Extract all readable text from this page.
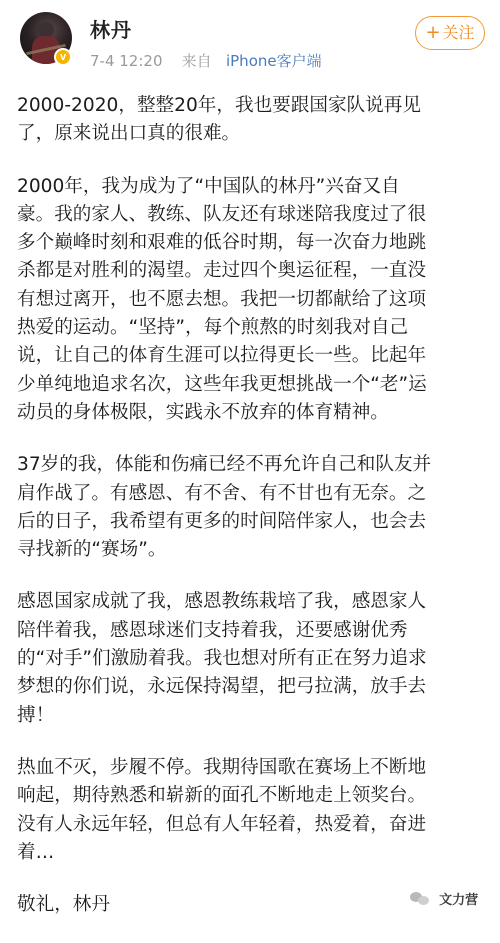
v
林丹
7-4 12:20 来自 iPhone客户端
+ 关注

2000-2020，整整20年，我也要跟国家队说再见
了，原来说出口真的很难。

2000年，我为成为了“中国队的林丹”兴奋又自
豪。我的家人、教练、队友还有球迷陪我度过了很
多个巅峰时刻和艰难的低谷时期，每一次奋力地跳
杀都是对胜利的渴望。走过四个奥运征程，一直没
有想过离开，也不愿去想。我把一切都献给了这项
热爱的运动。“坚持”，每个煎熬的时刻我对自己
说，让自己的体育生涯可以拉得更长一些。比起年
少单纯地追求名次，这些年我更想挑战一个“老”运
动员的身体极限，实践永不放弃的体育精神。

37岁的我，体能和伤痛已经不再允许自己和队友并
肩作战了。有感恩、有不舍、有不甘也有无奈。之
后的日子，我希望有更多的时间陪伴家人，也会去
寻找新的“赛场”。

感恩国家成就了我，感恩教练栽培了我，感恩家人
陪伴着我，感恩球迷们支持着我，还要感谢优秀
的“对手”们激励着我。我也想对所有正在努力追求
梦想的你们说，永远保持渴望，把弓拉满，放手去
搏！

热血不灭，步履不停。我期待国歌在赛场上不断地
响起，期待熟悉和崭新的面孔不断地走上领奖台。
没有人永远年轻，但总有人年轻着，热爱着，奋进
着…

敬礼，林丹	文力营
